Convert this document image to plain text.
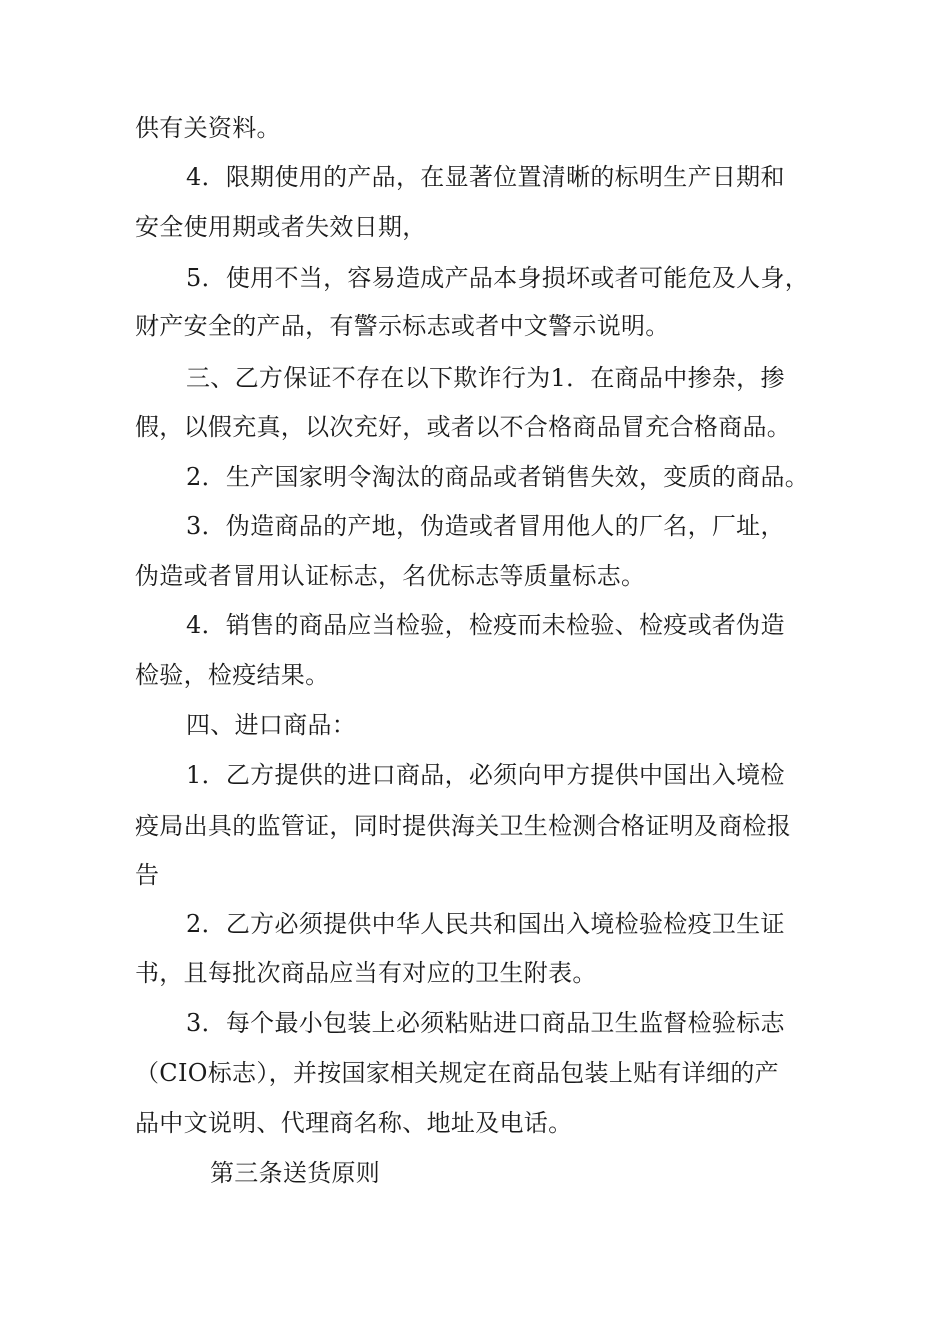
供有关资料。
4．限期使用的产品，在显著位置清晰的标明生产日期和
安全使用期或者失效日期，
5．使用不当，容易造成产品本身损坏或者可能危及人身，
财产安全的产品，有警示标志或者中文警示说明。
三、乙方保证不存在以下欺诈行为1．在商品中掺杂，掺
假，以假充真，以次充好，或者以不合格商品冒充合格商品。
2．生产国家明令淘汰的商品或者销售失效，变质的商品。
3．伪造商品的产地，伪造或者冒用他人的厂名，厂址，
伪造或者冒用认证标志，名优标志等质量标志。
4．销售的商品应当检验，检疫而未检验、检疫或者伪造
检验，检疫结果。
四、进口商品：
1．乙方提供的进口商品，必须向甲方提供中国出入境检
疫局出具的监管证，同时提供海关卫生检测合格证明及商检报
告
2．乙方必须提供中华人民共和国出入境检验检疫卫生证
书，且每批次商品应当有对应的卫生附表。
3．每个最小包装上必须粘贴进口商品卫生监督检验标志
（CIO标志），并按国家相关规定在商品包装上贴有详细的产
品中文说明、代理商名称、地址及电话。
第三条送货原则
